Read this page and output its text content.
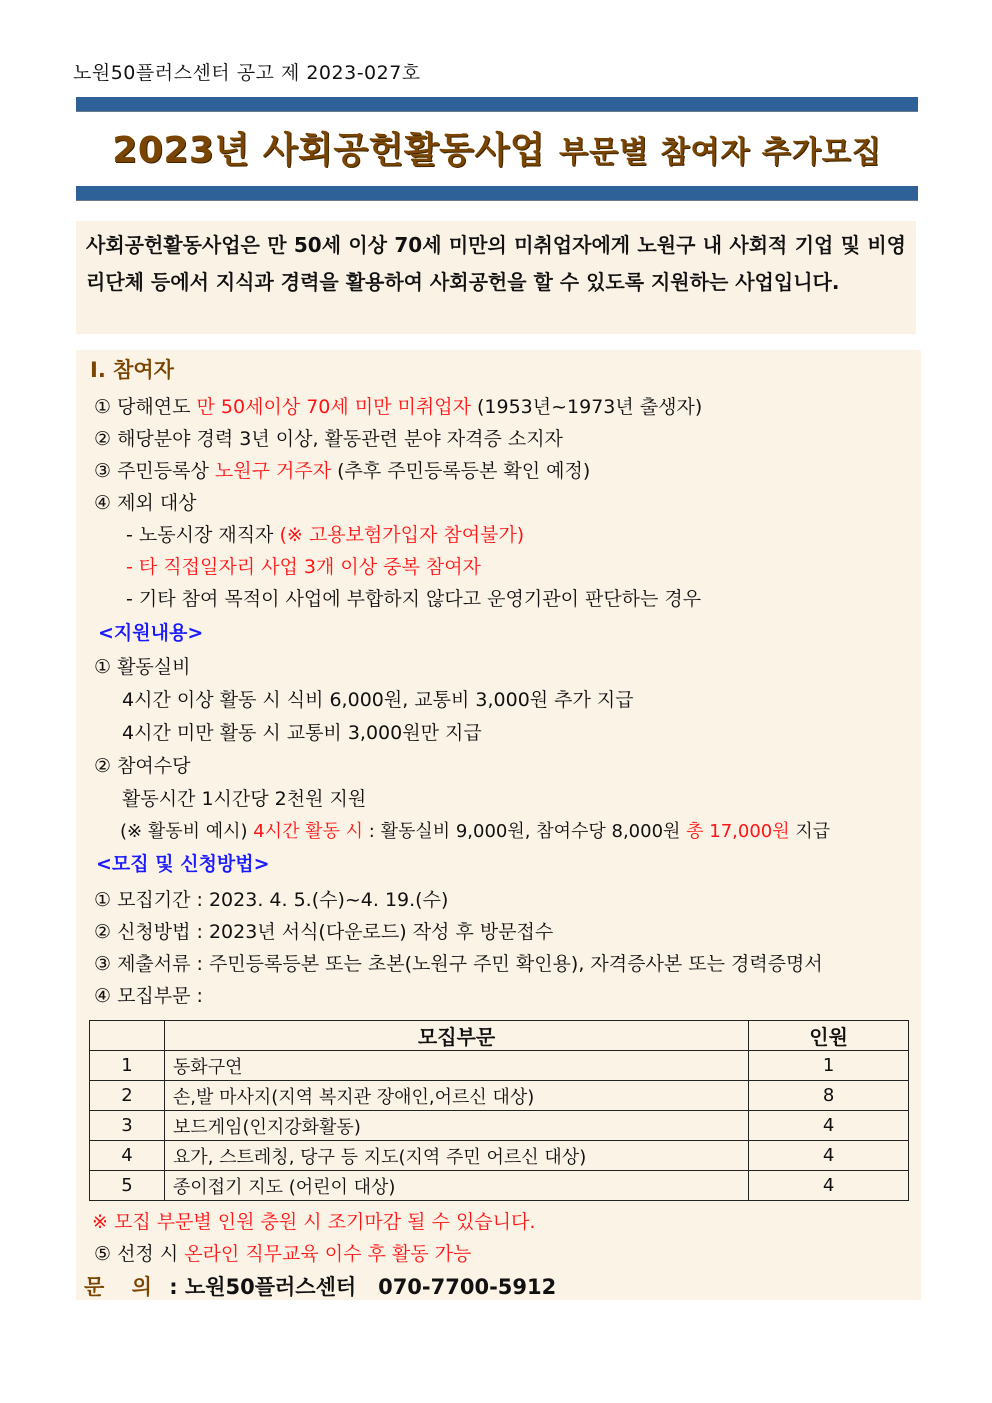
노원50플러스센터 공고 제 2023-027호
2023년 사회공헌활동사업 부문별 참여자 추가모집
사회공헌활동사업은 만 50세 이상 70세 미만의 미취업자에게 노원구 내 사회적 기업 및 비영리단체 등에서 지식과 경력을 활용하여 사회공헌을 할 수 있도록 지원하는 사업입니다.
Ⅰ. 참여자
① 당해연도 만 50세이상 70세 미만 미취업자 (1953년~1973년 출생자)
② 해당분야 경력 3년 이상, 활동관련 분야 자격증 소지자
③ 주민등록상 노원구 거주자 (추후 주민등록등본 확인 예정)
④ 제외 대상
- 노동시장 재직자 (※ 고용보험가입자 참여불가)
- 타 직접일자리 사업 3개 이상 중복 참여자
- 기타 참여 목적이 사업에 부합하지 않다고 운영기관이 판단하는 경우
<지원내용>
① 활동실비
4시간 이상 활동 시 식비 6,000원, 교통비 3,000원 추가 지급
4시간 미만 활동 시 교통비 3,000원만 지급
② 참여수당
활동시간 1시간당 2천원 지원
(※ 활동비 예시) 4시간 활동 시 : 활동실비 9,000원, 참여수당 8,000원 총 17,000원 지급
<모집 및 신청방법>
① 모집기간 : 2023. 4. 5.(수)~4. 19.(수)
② 신청방법 : 2023년 서식(다운로드) 작성 후 방문접수
③ 제출서류 : 주민등록등본 또는 초본(노원구 주민 확인용), 자격증사본 또는 경력증명서
④ 모집부문 :
	모집부문	인원
1	동화구연	1
2	손,발 마사지(지역 복지관 장애인,어르신 대상)	8
3	보드게임(인지강화활동)	4
4	요가, 스트레칭, 당구 등 지도(지역 주민 어르신 대상)	4
5	종이접기 지도 (어린이 대상)	4
※ 모집 부문별 인원 충원 시 조기마감 될 수 있습니다.
⑤ 선정 시 온라인 직무교육 이수 후 활동 가능
문 의 : 노원50플러스센터   070-7700-5912
